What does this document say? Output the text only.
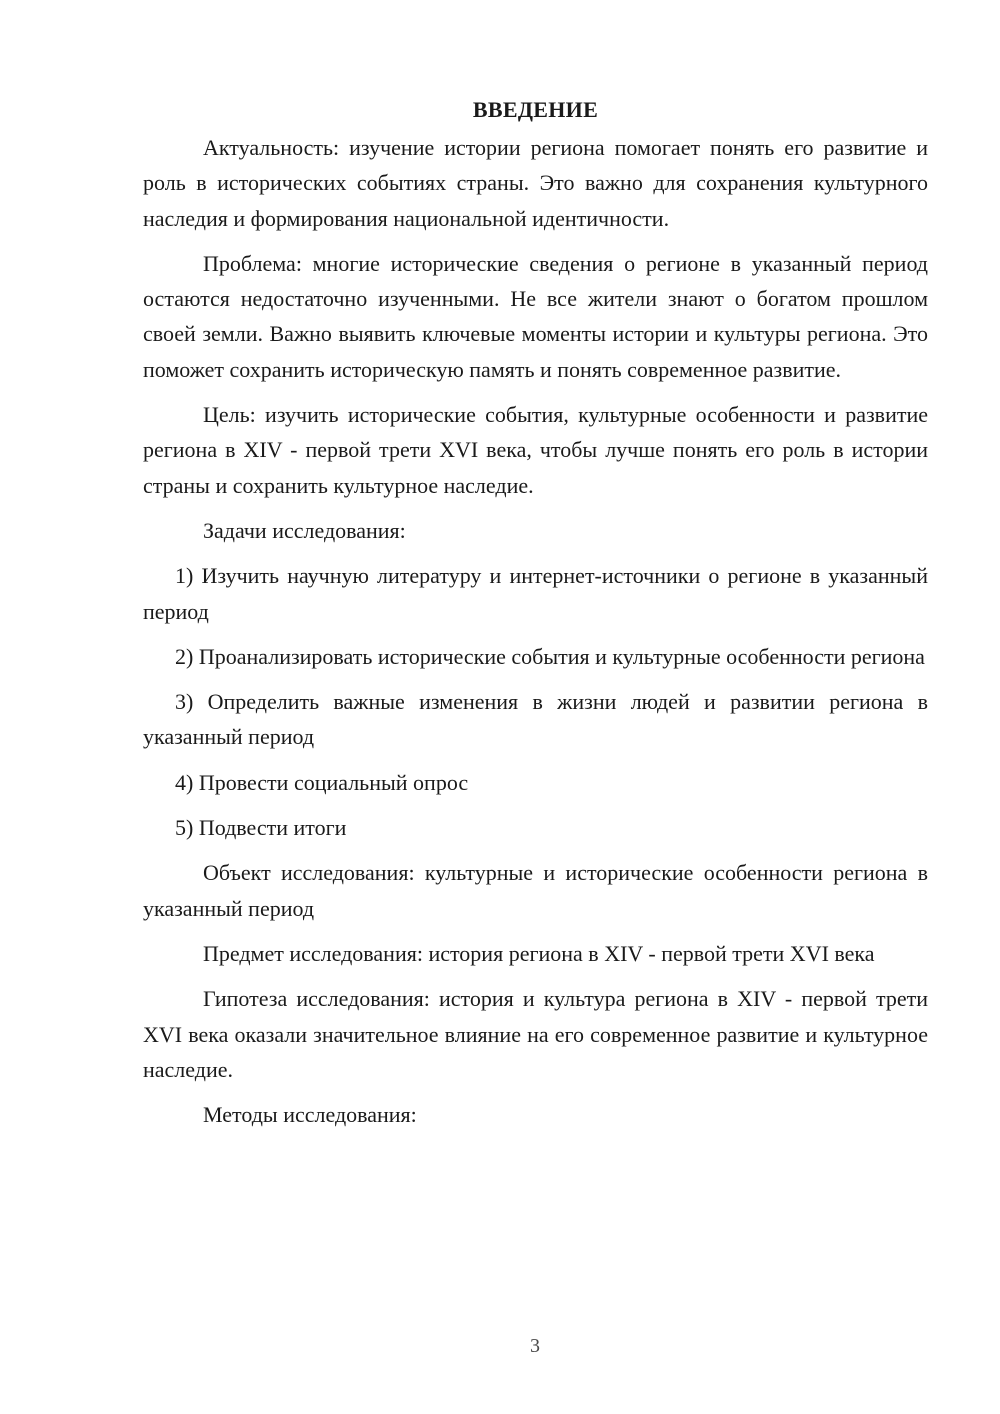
ВВЕДЕНИЕ

Актуальность: изучение истории региона помогает понять его развитие и роль в исторических событиях страны. Это важно для сохранения культурного наследия и формирования национальной идентичности.

Проблема: многие исторические сведения о регионе в указанный период остаются недостаточно изученными. Не все жители знают о богатом прошлом своей земли. Важно выявить ключевые моменты истории и культуры региона. Это поможет сохранить историческую память и понять современное развитие.

Цель: изучить исторические события, культурные особенности и развитие региона в XIV - первой трети XVI века, чтобы лучше понять его роль в истории страны и сохранить культурное наследие.

Задачи исследования:

1) Изучить научную литературу и интернет-источники о регионе в указанный период

2) Проанализировать исторические события и культурные особенности региона

3) Определить важные изменения в жизни людей и развитии региона в указанный период

4) Провести социальный опрос

5) Подвести итоги

Объект исследования: культурные и исторические особенности региона в указанный период

Предмет исследования: история региона в XIV - первой трети XVI века

Гипотеза исследования: история и культура региона в XIV - первой трети XVI века оказали значительное влияние на его современное развитие и культурное наследие.

Методы исследования:

3
